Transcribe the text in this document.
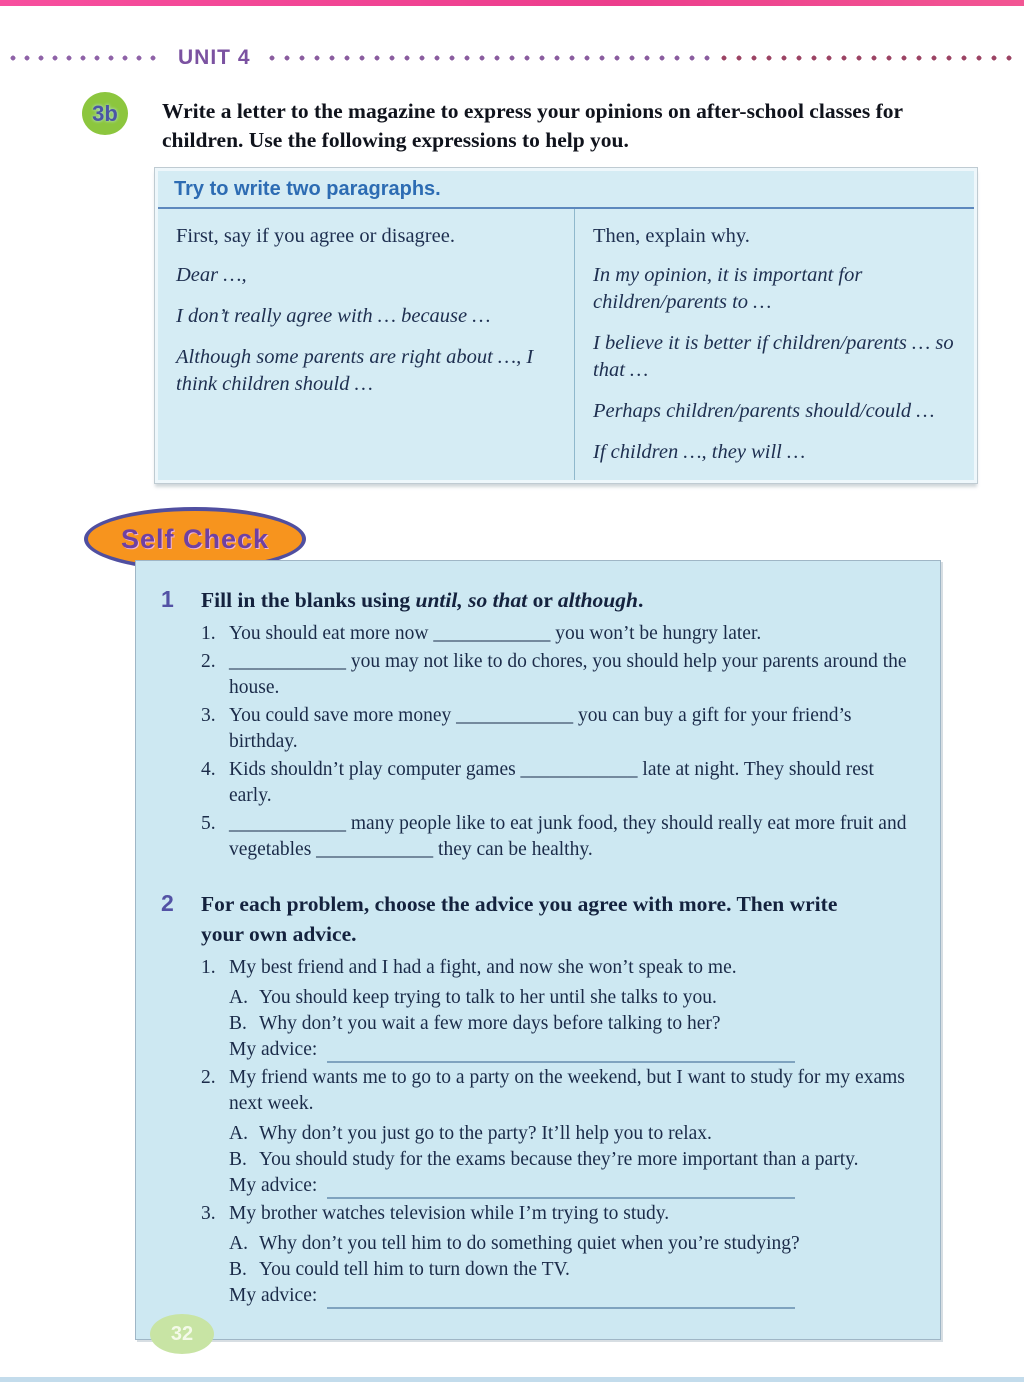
UNIT 4
3b	Write a letter to the magazine to express your opinions on after-school classes for children. Use the following expressions to help you.
Try to write two paragraphs.

First, say if you agree or disagree.

Dear …,

I don’t really agree with … because …

Although some parents are right about …, I think children should …

Then, explain why.

In my opinion, it is important for children/parents to …

I believe it is better if children/parents … so that …

Perhaps children/parents should/could …

If children …, they will …

Self Check
1	Fill in the blanks using until, so that or although.
1. You should eat more now ____________ you won’t be hungry later.
2. ____________ you may not like to do chores, you should help your parents around the house.
3. You could save more money ____________ you can buy a gift for your friend’s birthday.
4. Kids shouldn’t play computer games ____________ late at night. They should rest early.
5. ____________ many people like to eat junk food, they should really eat more fruit and vegetables ____________ they can be healthy.
2	For each problem, choose the advice you agree with more. Then write your own advice.
1. My best friend and I had a fight, and now she won’t speak to me.
A. You should keep trying to talk to her until she talks to you.
B. Why don’t you wait a few more days before talking to her?
My advice:
2. My friend wants me to go to a party on the weekend, but I want to study for my exams next week.
A. Why don’t you just go to the party? It’ll help you to relax.
B. You should study for the exams because they’re more important than a party.
My advice:
3. My brother watches television while I’m trying to study.
A. Why don’t you tell him to do something quiet when you’re studying?
B. You could tell him to turn down the TV.
My advice:
32
